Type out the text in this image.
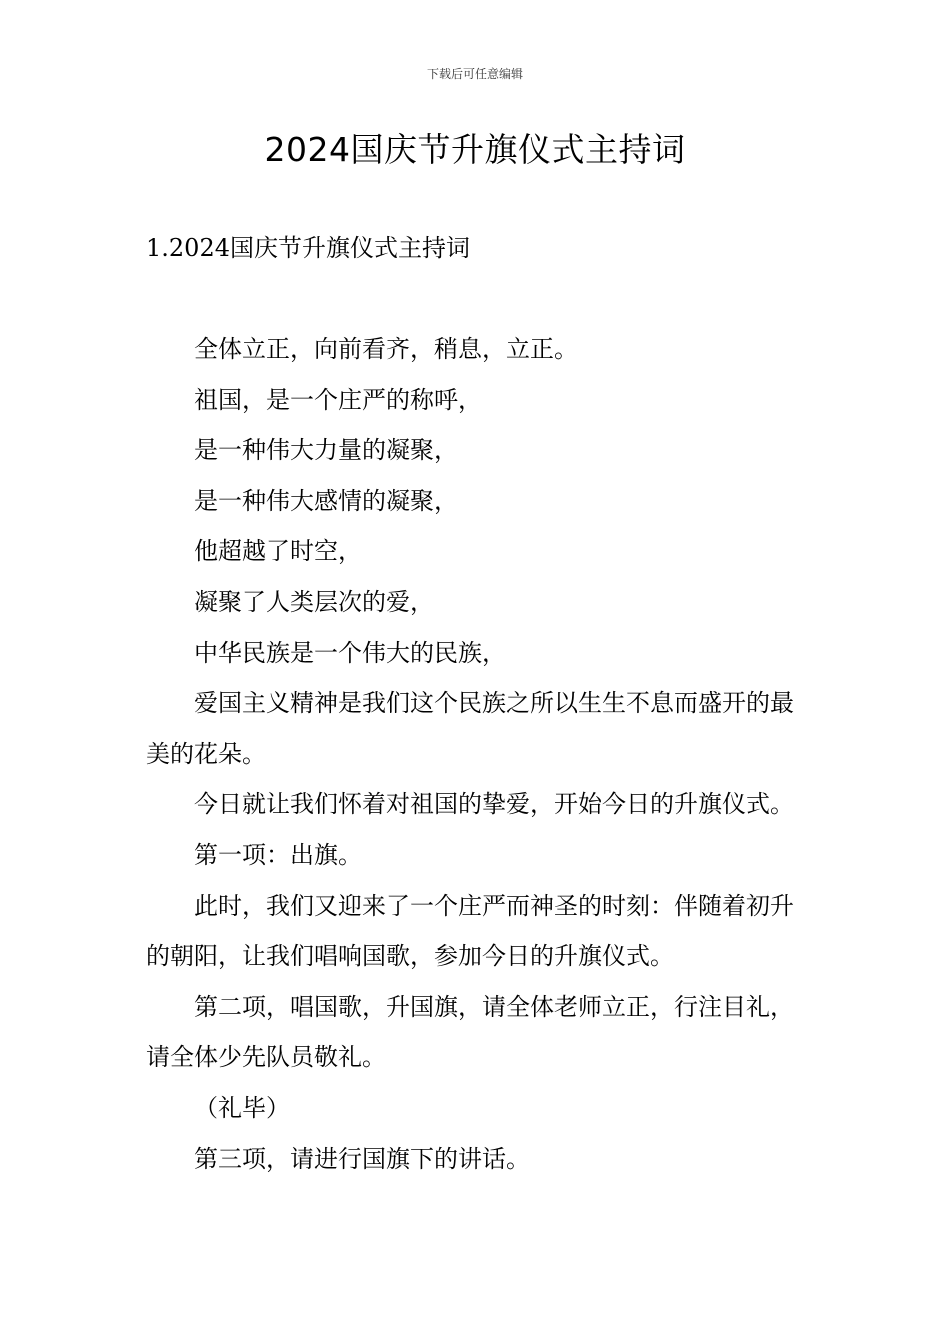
下载后可任意编辑
2024国庆节升旗仪式主持词
1.2024国庆节升旗仪式主持词

全体立正，向前看齐，稍息，立正。

祖国，是一个庄严的称呼，

是一种伟大力量的凝聚，

是一种伟大感情的凝聚，

他超越了时空，

凝聚了人类层次的爱，

中华民族是一个伟大的民族，

爱国主义精神是我们这个民族之所以生生不息而盛开的最美的花朵。

今日就让我们怀着对祖国的挚爱，开始今日的升旗仪式。

第一项：出旗。

此时，我们又迎来了一个庄严而神圣的时刻：伴随着初升的朝阳，让我们唱响国歌，参加今日的升旗仪式。

第二项，唱国歌，升国旗，请全体老师立正，行注目礼，请全体少先队员敬礼。

（礼毕）

第三项，请进行国旗下的讲话。
